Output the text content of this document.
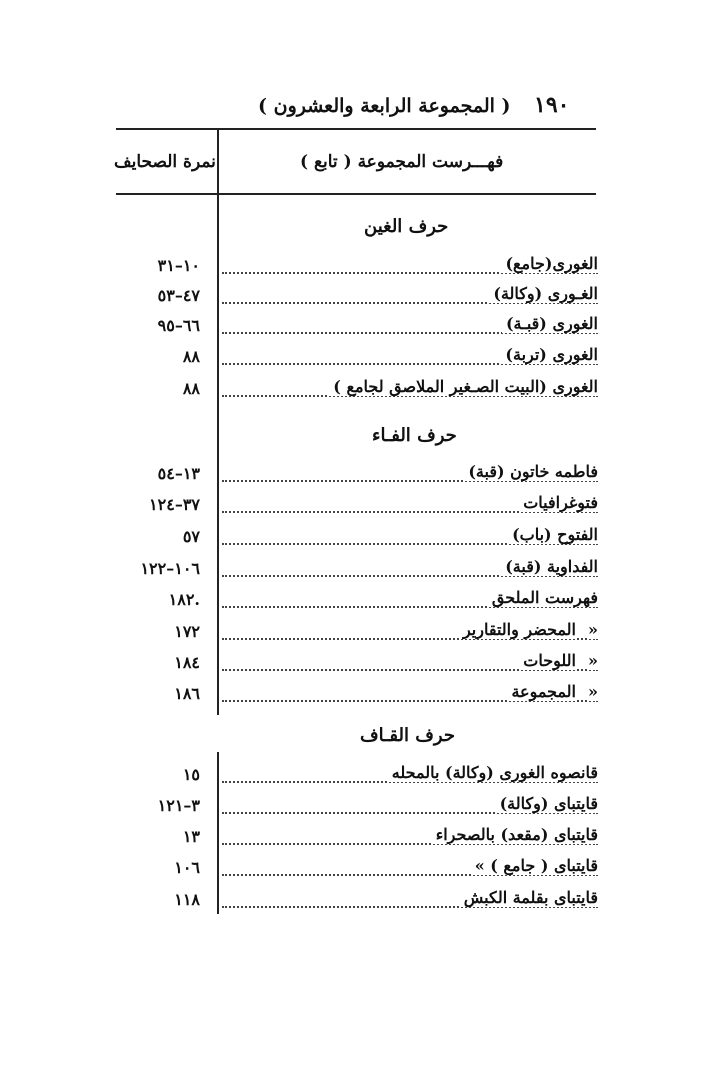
١٩٠
( المجموعة الرابعة والعشرون )
نمرة الصحايف	( تابع ) فهـــرست المجموعة
حرف الغين
الغورى(جامع)
١٠–٣١
الغـورى (وكالة)
٤٧–٥٣
الغورى (قبـة)
٦٦–٩٥
الغورى (تربة)
٨٨
الغورى (البيت الصـغير الملاصق لجامع )
٨٨
حرف الفـاء
فاطمه خاتون (قبة)
١٣–٥٤
فتوغرافيات
٣٧–١٢٤
الفتوح (باب)
٥٧
الفداوية (قبة)
١٠٦–١٢٢
فهرست الملحق
١٨٢.
»
المحضر والتقارير
١٧٢
»
اللوحات
١٨٤
»
المجموعة
١٨٦
حرف القـاف
قانصوه الغورى (وكالة) بالمحله
١٥
قايتباى (وكالة)
٣–١٢١
قايتباى (مقعد) بالصحراء
١٣
قايتباى ( جامع ) »
١٠٦
قايتباى بقلمة الكبش
١١٨
